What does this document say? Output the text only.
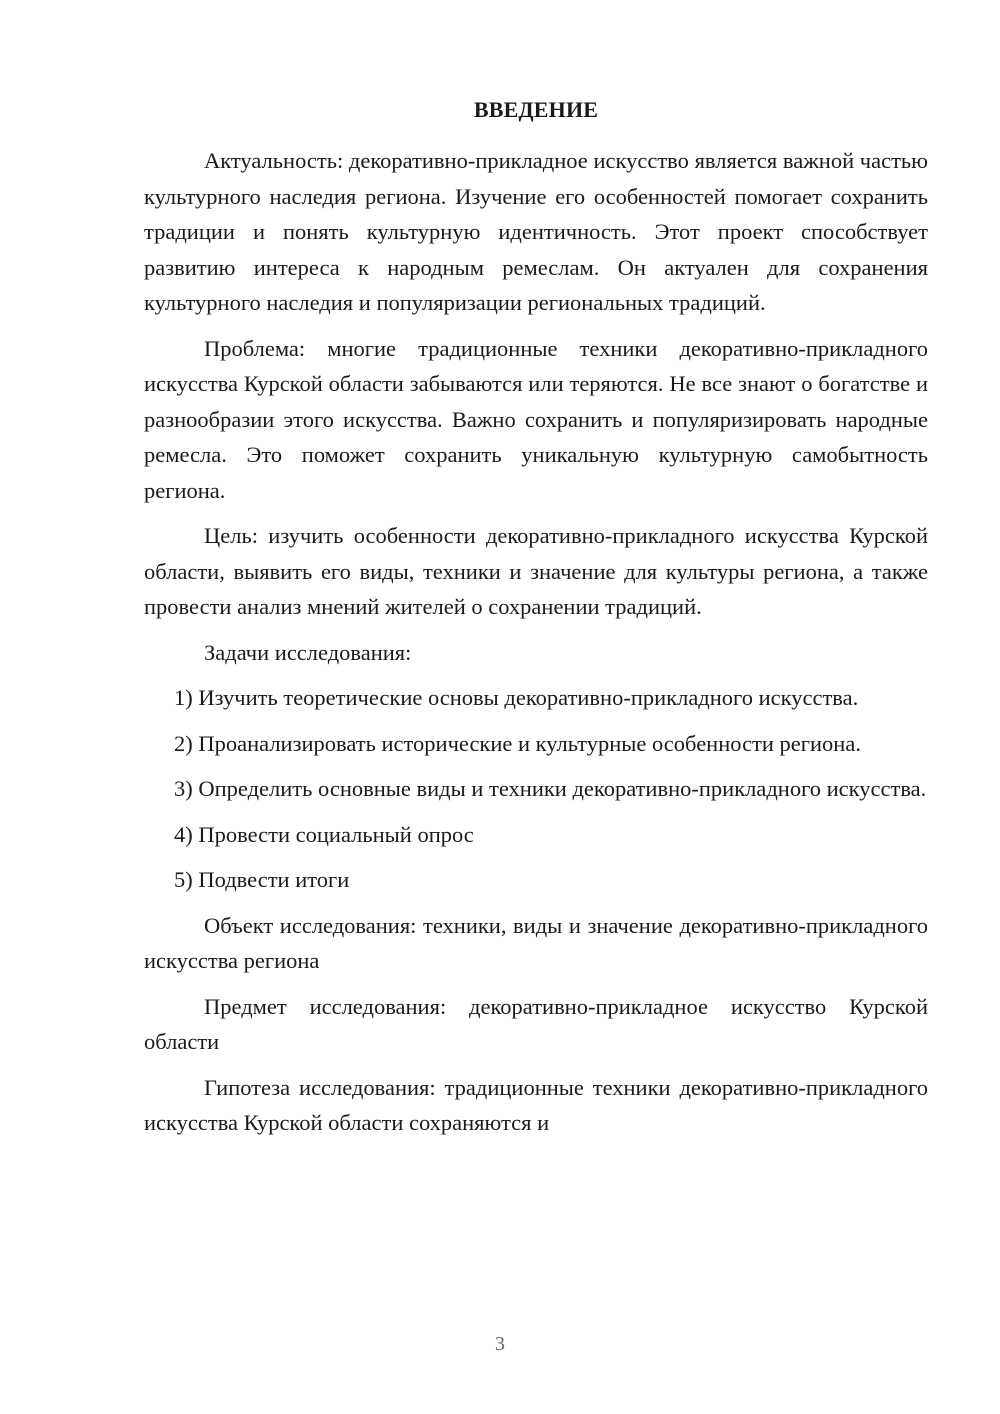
ВВЕДЕНИЕ

Актуальность: декоративно-прикладное искусство является важной частью культурного наследия региона. Изучение его особенностей помогает сохранить традиции и понять культурную идентичность. Этот проект способствует развитию интереса к народным ремеслам. Он актуален для сохранения культурного наследия и популяризации региональных традиций.

Проблема: многие традиционные техники декоративно-прикладного искусства Курской области забываются или теряются. Не все знают о богатстве и разнообразии этого искусства. Важно сохранить и популяризировать народные ремесла. Это поможет сохранить уникальную культурную самобытность региона.

Цель: изучить особенности декоративно-прикладного искусства Курской области, выявить его виды, техники и значение для культуры региона, а также провести анализ мнений жителей о сохранении традиций.

Задачи исследования:

1) Изучить теоретические основы декоративно-прикладного искусства.

2) Проанализировать исторические и культурные особенности региона.

3) Определить основные виды и техники декоративно-прикладного искусства.

4) Провести социальный опрос

5) Подвести итоги

Объект исследования: техники, виды и значение декоративно-прикладного искусства региона

Предмет исследования: декоративно-прикладное искусство Курской области

Гипотеза исследования: традиционные техники декоративно-прикладного искусства Курской области сохраняются и

3
